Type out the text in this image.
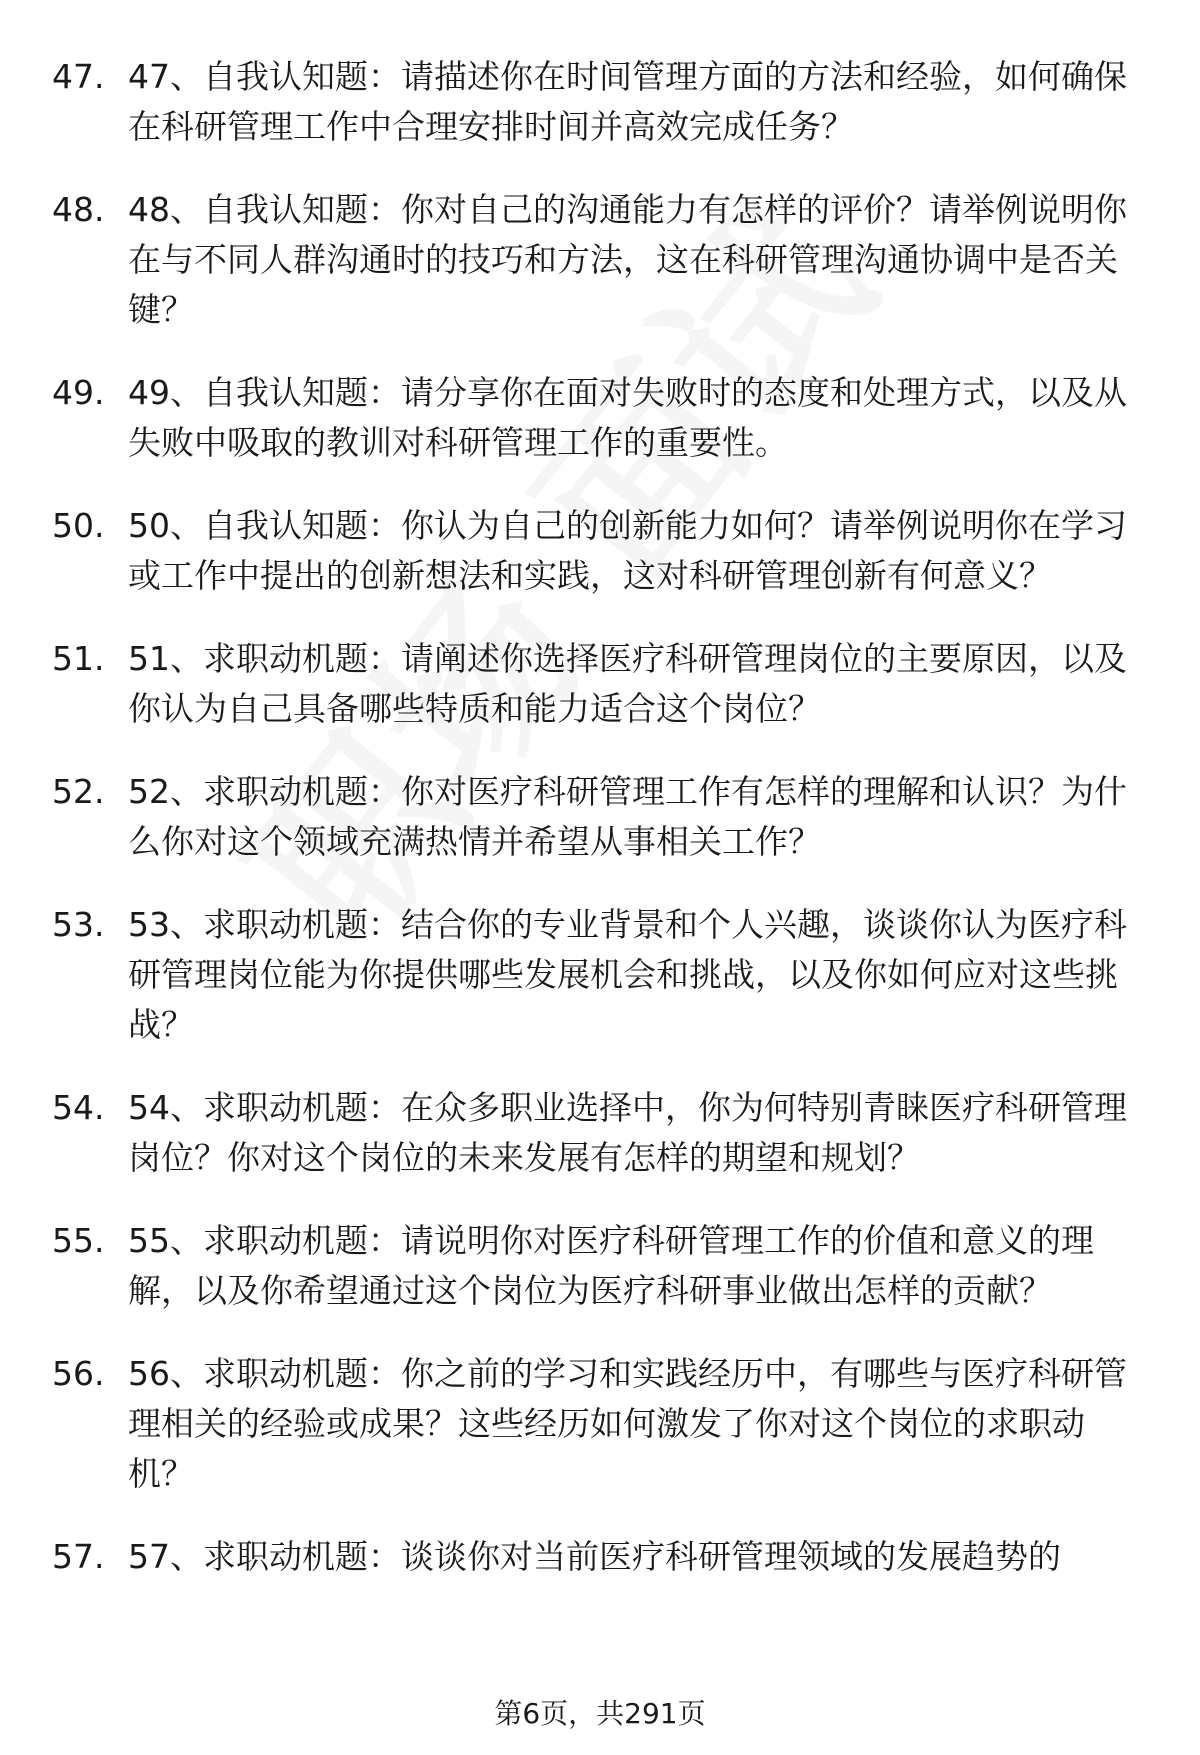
47. 47、自我认知题：请描述你在时间管理方面的方法和经验，如何确保在科研管理工作中合理安排时间并高效完成任务？
48. 48、自我认知题：你对自己的沟通能力有怎样的评价？请举例说明你在与不同人群沟通时的技巧和方法，这在科研管理沟通协调中是否关键？
49. 49、自我认知题：请分享你在面对失败时的态度和处理方式，以及从失败中吸取的教训对科研管理工作的重要性。
50. 50、自我认知题：你认为自己的创新能力如何？请举例说明你在学习或工作中提出的创新想法和实践，这对科研管理创新有何意义？
51. 51、求职动机题：请阐述你选择医疗科研管理岗位的主要原因，以及你认为自己具备哪些特质和能力适合这个岗位？
52. 52、求职动机题：你对医疗科研管理工作有怎样的理解和认识？为什么你对这个领域充满热情并希望从事相关工作？
53. 53、求职动机题：结合你的专业背景和个人兴趣，谈谈你认为医疗科研管理岗位能为你提供哪些发展机会和挑战，以及你如何应对这些挑战？
54. 54、求职动机题：在众多职业选择中，你为何特别青睐医疗科研管理岗位？你对这个岗位的未来发展有怎样的期望和规划？
55. 55、求职动机题：请说明你对医疗科研管理工作的价值和意义的理解，以及你希望通过这个岗位为医疗科研事业做出怎样的贡献？
56. 56、求职动机题：你之前的学习和实践经历中，有哪些与医疗科研管理相关的经验或成果？这些经历如何激发了你对这个岗位的求职动机？
57. 57、求职动机题：谈谈你对当前医疗科研管理领域的发展趋势的
第6页，共291页
